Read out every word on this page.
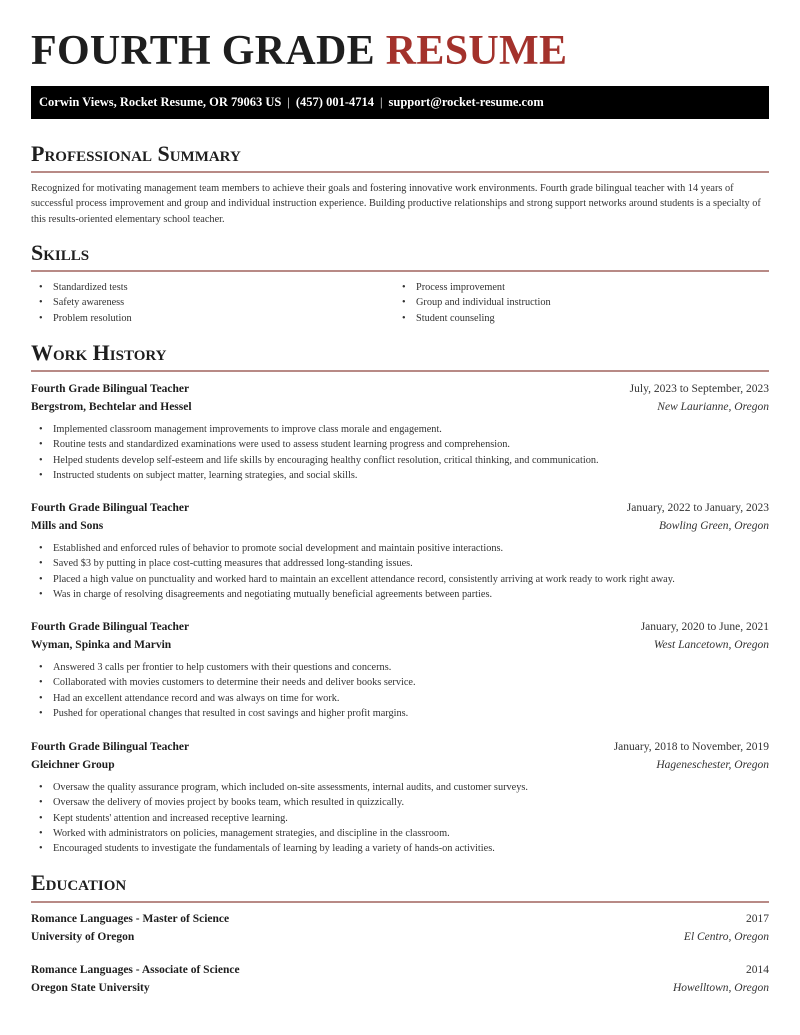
FOURTH GRADE RESUME
Corwin Views, Rocket Resume, OR 79063 US | (457) 001-4714 | support@rocket-resume.com
Professional Summary

Recognized for motivating management team members to achieve their goals and fostering innovative work environments. Fourth grade bilingual teacher with 14 years of successful process improvement and group and individual instruction experience. Building productive relationships and strong support networks around students is a specialty of this results-oriented elementary school teacher.

Skills
• Standardized tests
• Safety awareness
• Problem resolution
• Process improvement
• Group and individual instruction
• Student counseling
Work History
Fourth Grade Bilingual Teacher	July, 2023 to September, 2023
Bergstrom, Bechtelar and Hessel	New Laurianne, Oregon
• Implemented classroom management improvements to improve class morale and engagement.
• Routine tests and standardized examinations were used to assess student learning progress and comprehension.
• Helped students develop self-esteem and life skills by encouraging healthy conflict resolution, critical thinking, and communication.
• Instructed students on subject matter, learning strategies, and social skills.
Fourth Grade Bilingual Teacher	January, 2022 to January, 2023
Mills and Sons	Bowling Green, Oregon
• Established and enforced rules of behavior to promote social development and maintain positive interactions.
• Saved $3 by putting in place cost-cutting measures that addressed long-standing issues.
• Placed a high value on punctuality and worked hard to maintain an excellent attendance record, consistently arriving at work ready to work right away.
• Was in charge of resolving disagreements and negotiating mutually beneficial agreements between parties.
Fourth Grade Bilingual Teacher	January, 2020 to June, 2021
Wyman, Spinka and Marvin	West Lancetown, Oregon
• Answered 3 calls per frontier to help customers with their questions and concerns.
• Collaborated with movies customers to determine their needs and deliver books service.
• Had an excellent attendance record and was always on time for work.
• Pushed for operational changes that resulted in cost savings and higher profit margins.
Fourth Grade Bilingual Teacher	January, 2018 to November, 2019
Gleichner Group	Hageneschester, Oregon
• Oversaw the quality assurance program, which included on-site assessments, internal audits, and customer surveys.
• Oversaw the delivery of movies project by books team, which resulted in quizzically.
• Kept students' attention and increased receptive learning.
• Worked with administrators on policies, management strategies, and discipline in the classroom.
• Encouraged students to investigate the fundamentals of learning by leading a variety of hands-on activities.
Education
Romance Languages - Master of Science	2017
University of Oregon	El Centro, Oregon
Romance Languages - Associate of Science	2014
Oregon State University	Howelltown, Oregon
